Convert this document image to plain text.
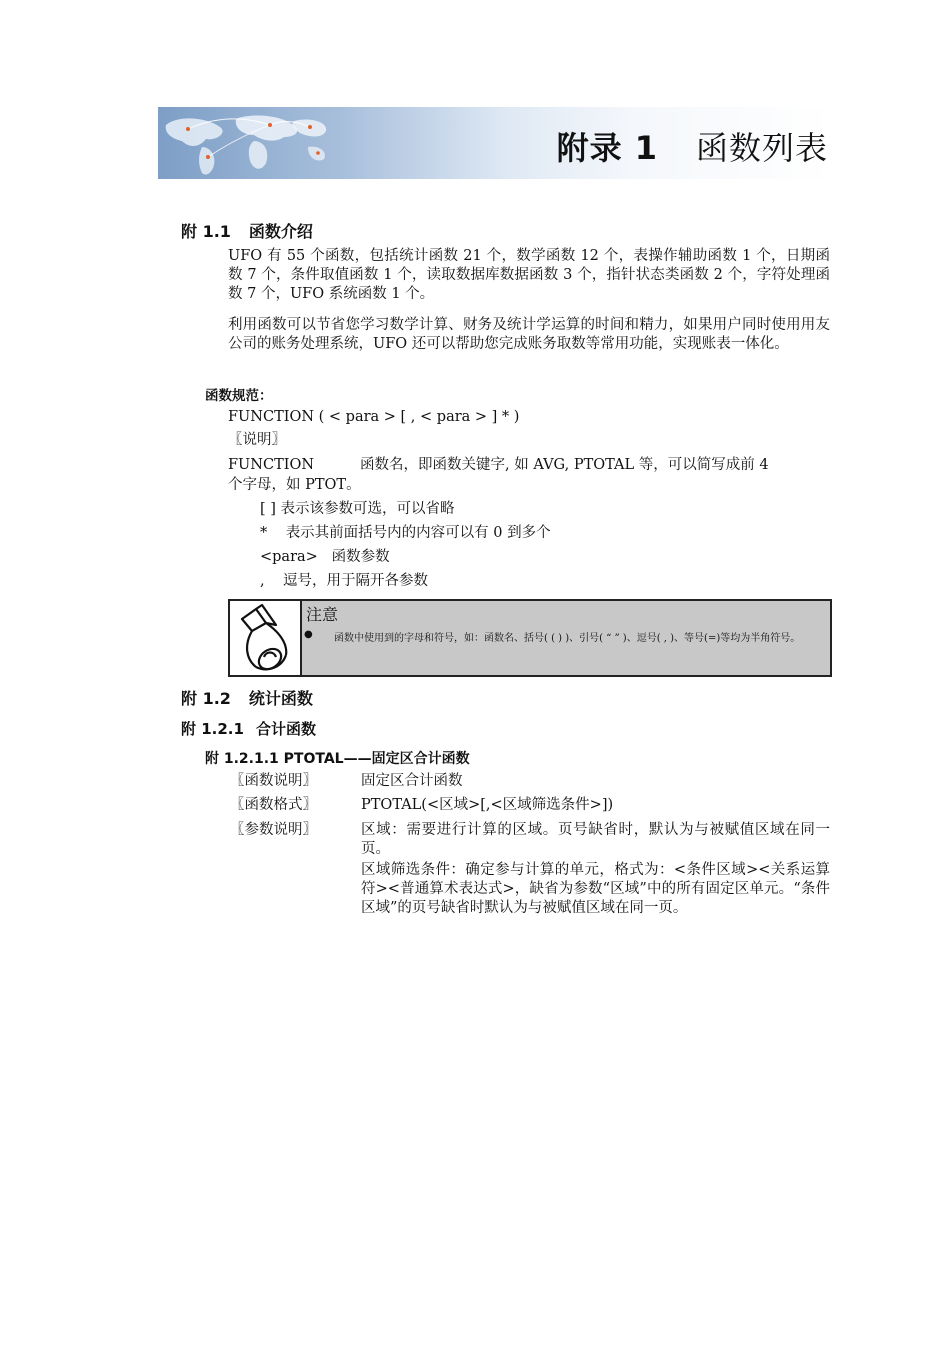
附录 1 函数列表
附 1.1 函数介绍
UFO 有 55 个函数，包括统计函数 21 个，数学函数 12 个，表操作辅助函数 1 个，日期函数 7 个，条件取值函数 1 个，读取数据库数据函数 3 个，指针状态类函数 2 个，字符处理函数 7 个，UFO 系统函数 1 个。
利用函数可以节省您学习数学计算、财务及统计学运算的时间和精力，如果用户同时使用用友公司的账务处理系统，UFO 还可以帮助您完成账务取数等常用功能，实现账表一体化。
函数规范：
FUNCTION ( < para > [ , < para > ] * )
〖说明〗
FUNCTION	函数名，即函数关键字, 如 AVG, PTOTAL 等，可以简写成前 4
个字母，如 PTOT。
[ ] 表示该参数可选，可以省略
* 表示其前面括号内的内容可以有 0 到多个
<para> 函数参数
, 逗号，用于隔开各参数
注意
● 函数中使用到的字母和符号，如：函数名、括号( ( ) )、引号( “ ” )、逗号( , )、等号(=)等均为半角符号。
附 1.2 统计函数
附 1.2.1 合计函数
附 1.2.1.1 PTOTAL——固定区合计函数
〖函数说明〗	固定区合计函数
〖函数格式〗	PTOTAL(<区域>[,<区域筛选条件>])
〖参数说明〗	区域：需要进行计算的区域。页号缺省时，默认为与被赋值区域在同一页。
区域筛选条件：确定参与计算的单元，格式为：<条件区域><关系运算符><普通算术表达式>，缺省为参数“区域”中的所有固定区单元。“条件区域”的页号缺省时默认为与被赋值区域在同一页。
